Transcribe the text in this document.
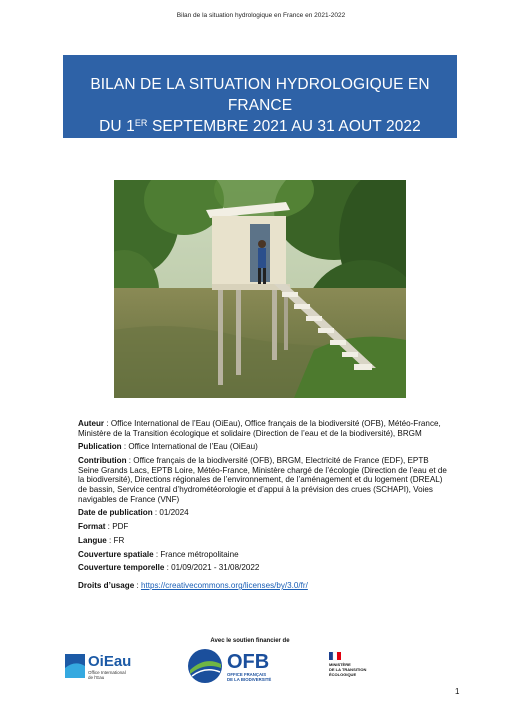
Bilan de la situation hydrologique en France en 2021-2022
BILAN DE LA SITUATION HYDROLOGIQUE EN FRANCE
DU 1ER SEPTEMBRE 2021 AU 31 AOUT 2022
Auteur : Office International de l’Eau (OiEau), Office français de la biodiversité (OFB), Météo-France, Ministère de la Transition écologique et solidaire (Direction de l’eau et de la biodiversité), BRGM
Publication : Office International de l’Eau (OiEau)
Contribution : Office français de la biodiversité (OFB), BRGM, Electricité de France (EDF), EPTB Seine Grands Lacs, EPTB Loire, Météo-France, Ministère chargé de l’écologie (Direction de l’eau et de la biodiversité), Directions régionales de l’environnement, de l’aménagement et du logement (DREAL) de bassin, Service central d’hydrométéorologie et d’appui à la prévision des crues (SCHAPI), Voies navigables de France (VNF)
Date de publication : 01/2024
Format : PDF
Langue : FR
Couverture spatiale : France métropolitaine
Couverture temporelle : 01/09/2021 - 31/08/2022
Droits d’usage : https://creativecommons.org/licenses/by/3.0/fr/
Avec le soutien financier de
OiEau
Office International
de l’Eau
OFB
OFFICE FRANÇAIS
DE LA BIODIVERSITÉ
MINISTÈRE
DE LA TRANSITION
ÉCOLOGIQUE
1
